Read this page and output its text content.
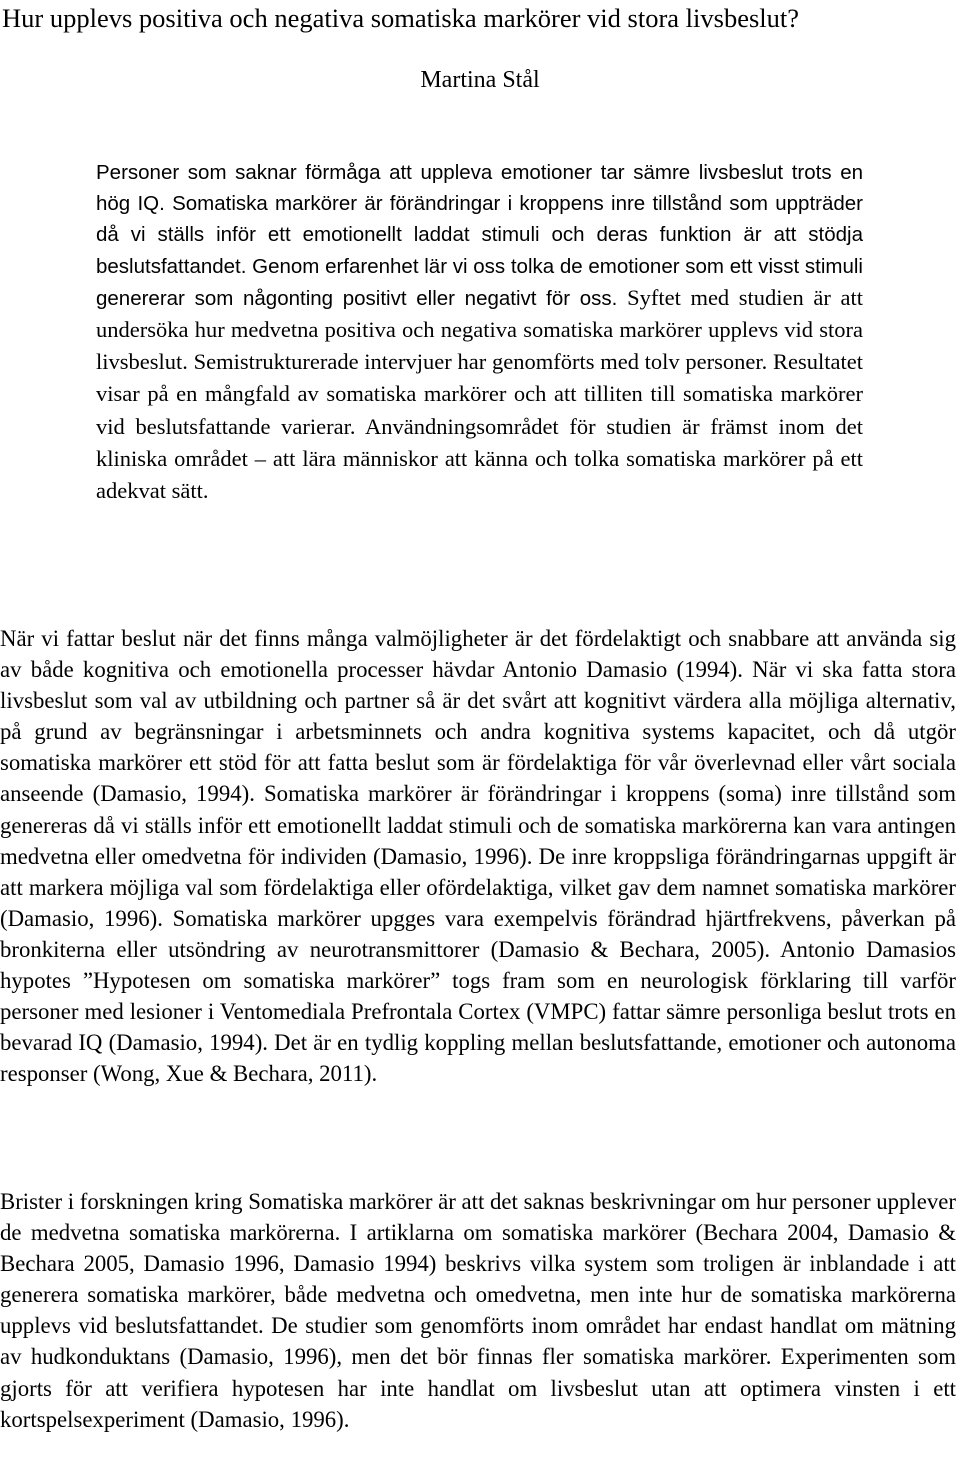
Hur upplevs positiva och negativa somatiska markörer vid stora livsbeslut?

Martina Stål

Personer som saknar förmåga att uppleva emotioner tar sämre livsbeslut trots en hög IQ. Somatiska markörer är förändringar i kroppens inre tillstånd som uppträder då vi ställs inför ett emotionellt laddat stimuli och deras funktion är att stödja beslutsfattandet. Genom erfarenhet lär vi oss tolka de emotioner som ett visst stimuli genererar som någonting positivt eller negativt för oss. Syftet med studien är att undersöka hur medvetna positiva och negativa somatiska markörer upplevs vid stora livsbeslut. Semistrukturerade intervjuer har genomförts med tolv personer. Resultatet visar på en mångfald av somatiska markörer och att tilliten till somatiska markörer vid beslutsfattande varierar. Användningsområdet för studien är främst inom det kliniska området – att lära människor att känna och tolka somatiska markörer på ett adekvat sätt.

När vi fattar beslut när det finns många valmöjligheter är det fördelaktigt och snabbare att använda sig av både kognitiva och emotionella processer hävdar Antonio Damasio (1994). När vi ska fatta stora livsbeslut som val av utbildning och partner så är det svårt att kognitivt värdera alla möjliga alternativ, på grund av begränsningar i arbetsminnets och andra kognitiva systems kapacitet, och då utgör somatiska markörer ett stöd för att fatta beslut som är fördelaktiga för vår överlevnad eller vårt sociala anseende (Damasio, 1994). Somatiska markörer är förändringar i kroppens (soma) inre tillstånd som genereras då vi ställs inför ett emotionellt laddat stimuli och de somatiska markörerna kan vara antingen medvetna eller omedvetna för individen (Damasio, 1996). De inre kroppsliga förändringarnas uppgift är att markera möjliga val som fördelaktiga eller ofördelaktiga, vilket gav dem namnet somatiska markörer (Damasio, 1996). Somatiska markörer upgges vara exempelvis förändrad hjärtfrekvens, påverkan på bronkiterna eller utsöndring av neurotransmittorer (Damasio & Bechara, 2005). Antonio Damasios hypotes ”Hypotesen om somatiska markörer” togs fram som en neurologisk förklaring till varför personer med lesioner i Ventomediala Prefrontala Cortex (VMPC) fattar sämre personliga beslut trots en bevarad IQ (Damasio, 1994). Det är en tydlig koppling mellan beslutsfattande, emotioner och autonoma responser (Wong, Xue & Bechara, 2011).

Brister i forskningen kring Somatiska markörer är att det saknas beskrivningar om hur personer upplever de medvetna somatiska markörerna. I artiklarna om somatiska markörer (Bechara 2004, Damasio & Bechara 2005, Damasio 1996, Damasio 1994) beskrivs vilka system som troligen är inblandade i att generera somatiska markörer, både medvetna och omedvetna, men inte hur de somatiska markörerna upplevs vid beslutsfattandet. De studier som genomförts inom området har endast handlat om mätning av hudkonduktans (Damasio, 1996), men det bör finnas fler somatiska markörer. Experimenten som gjorts för att verifiera hypotesen har inte handlat om livsbeslut utan att optimera vinsten i ett kortspelsexperiment (Damasio, 1996).
